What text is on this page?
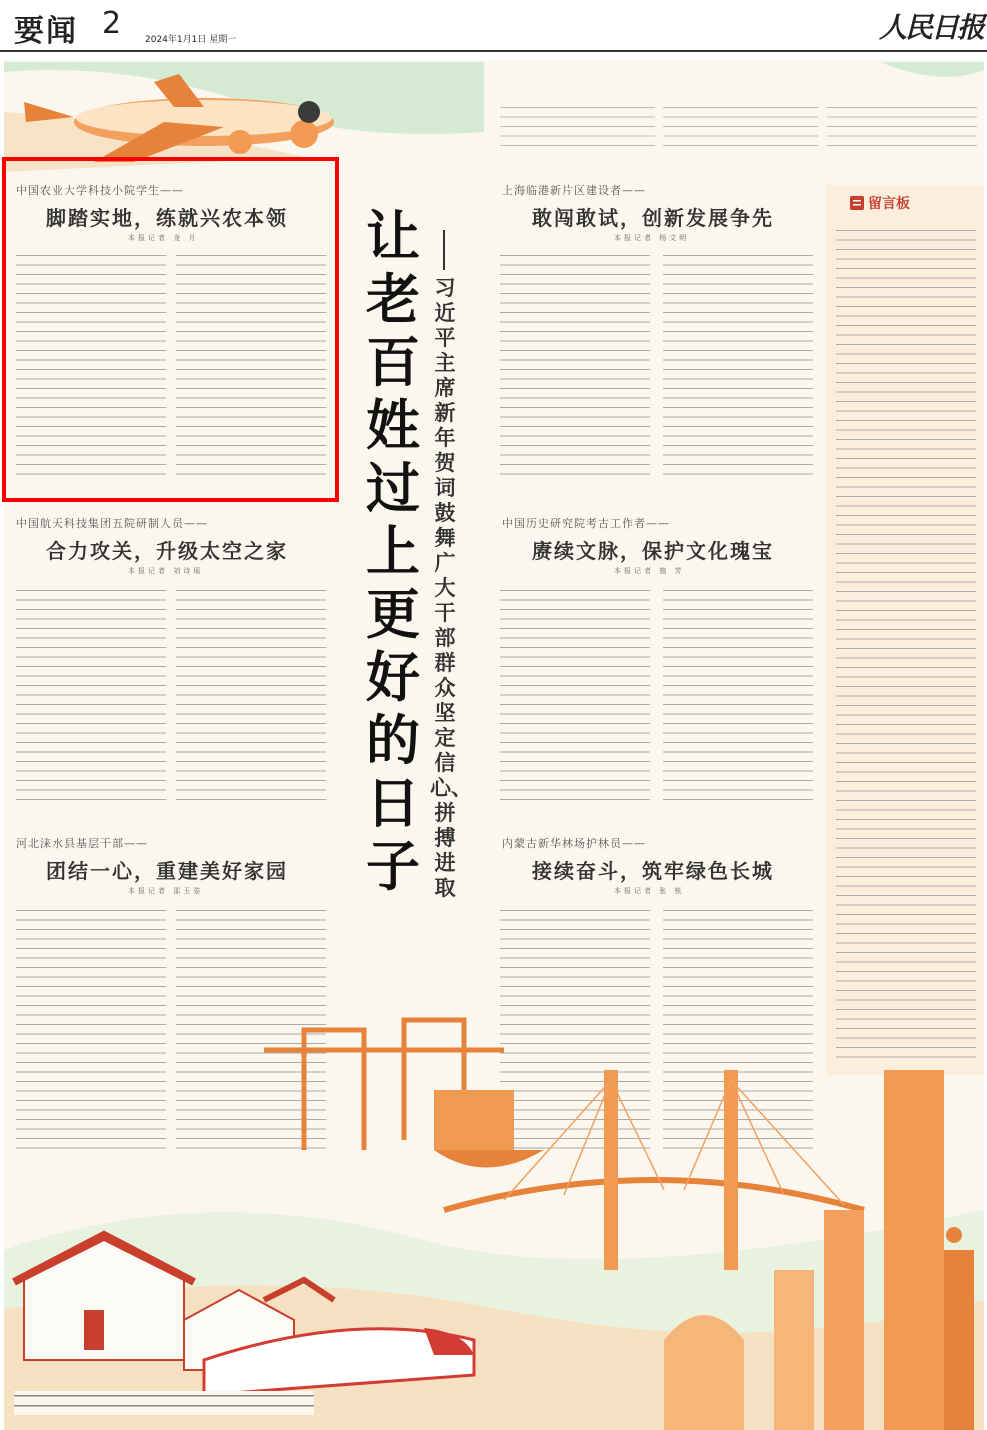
要闻 2	2024年1月1日 星期一	人民日报
中国农业大学科技小院学生——
脚踏实地，练就兴农本领
本报记者 龙 月
中国航天科技集团五院研制人员——
合力攻关，升级太空之家
本报记者 刘诗瑶
河北涞水县基层干部——
团结一心，重建美好家园
本报记者 邵玉姿
让老百姓过上更好的日子
习近平主席新年贺词鼓舞广大干部群众坚定信心、拼搏进取
上海临港新片区建设者——
敢闯敢试，创新发展争先
本报记者 杨文明
中国历史研究院考古工作者——
赓续文脉，保护文化瑰宝
本报记者 施 芳
内蒙古新华林场护林员——
接续奋斗，筑牢绿色长城
本报记者 张 枨
留言板
